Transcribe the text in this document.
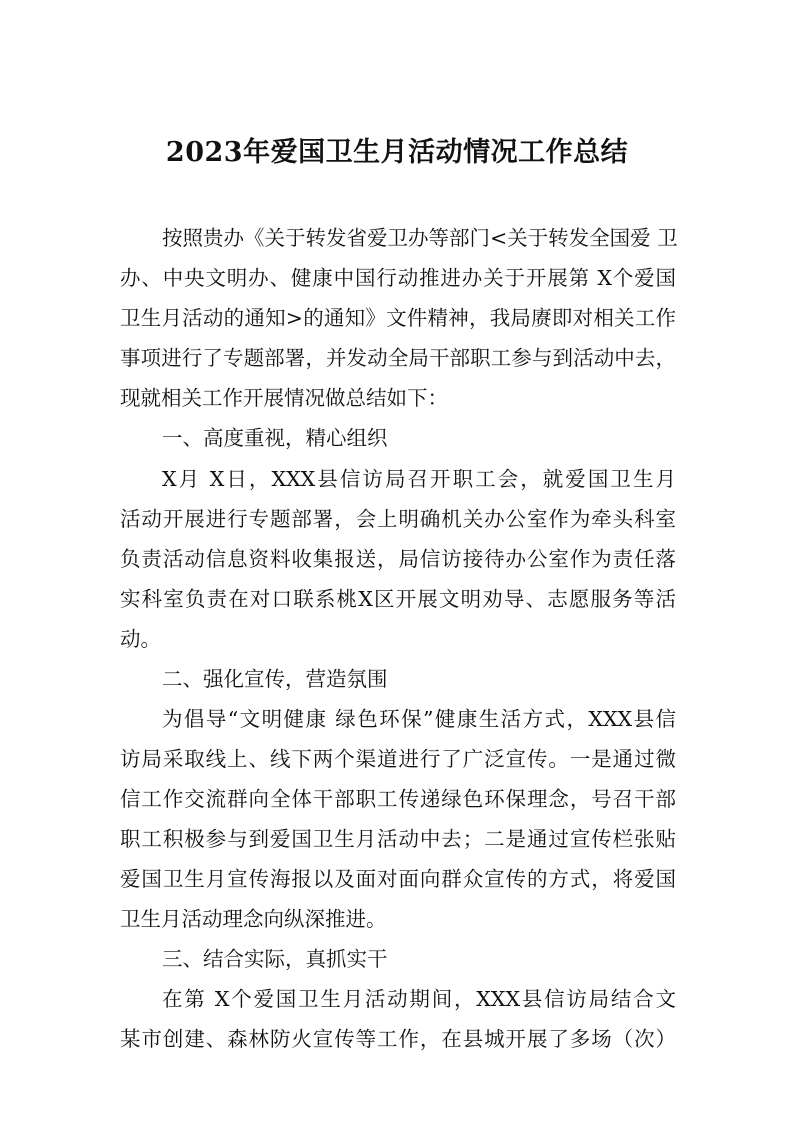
2023年爱国卫生月活动情况工作总结

按照贵办《关于转发省爱卫办等部门<关于转发全国爱 卫

办、中央文明办、健康中国行动推进办关于开展第 X个爱国

卫生月活动的通知>的通知》文件精神，我局赓即对相关工作

事项进行了专题部署，并发动全局干部职工参与到活动中去，

现就相关工作开展情况做总结如下：

一、高度重视，精心组织

X月 X日，XXX县信访局召开职工会，就爱国卫生月

活动开展进行专题部署，会上明确机关办公室作为牵头科室

负责活动信息资料收集报送，局信访接待办公室作为责任落

实科室负责在对口联系桃X区开展文明劝导、志愿服务等活

动。

二、强化宣传，营造氛围

为倡导“文明健康 绿色环保”健康生活方式，XXX县信

访局采取线上、线下两个渠道进行了广泛宣传。一是通过微

信工作交流群向全体干部职工传递绿色环保理念，号召干部

职工积极参与到爱国卫生月活动中去；二是通过宣传栏张贴

爱国卫生月宣传海报以及面对面向群众宣传的方式，将爱国

卫生月活动理念向纵深推进。

三、结合实际，真抓实干

在第 X个爱国卫生月活动期间，XXX县信访局结合文

某市创建、森林防火宣传等工作，在县城开展了多场（次）
